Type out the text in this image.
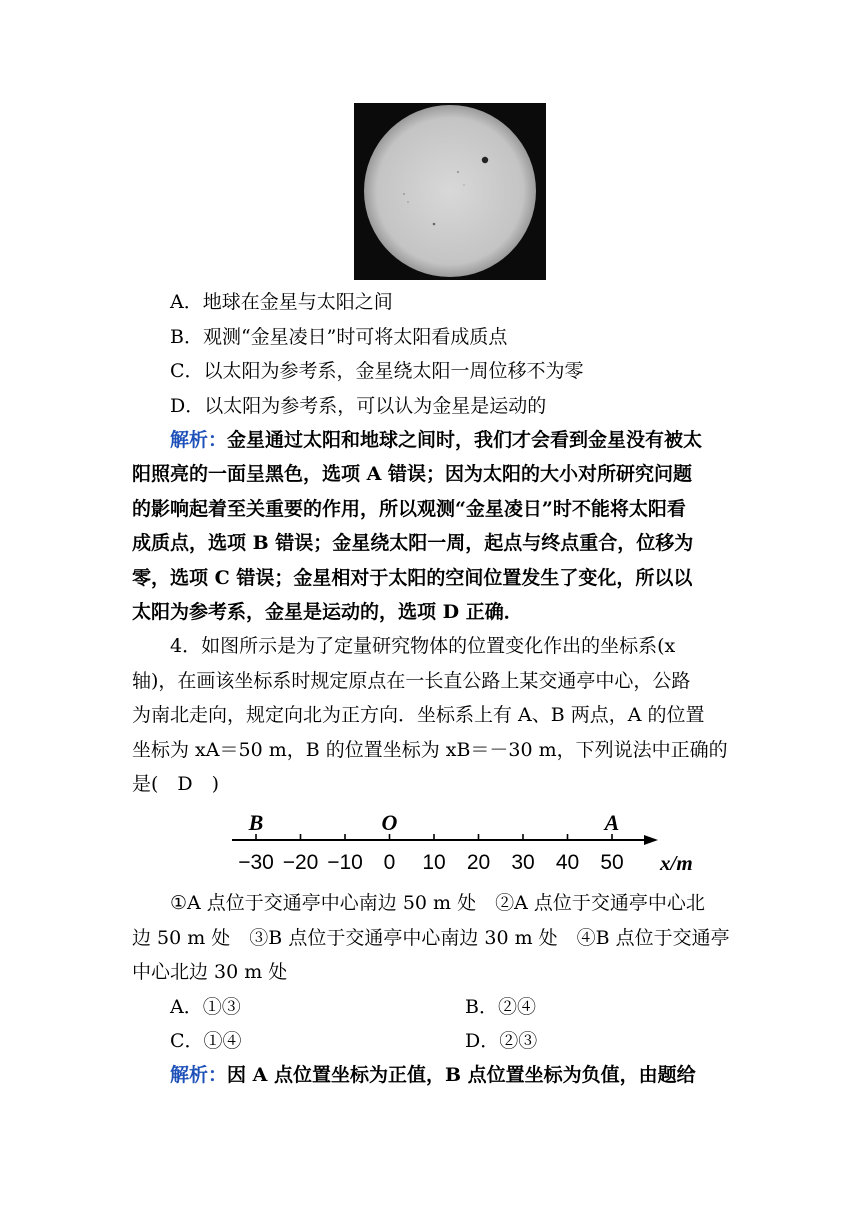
A．地球在金星与太阳之间
B．观测“金星凌日”时可将太阳看成质点
C．以太阳为参考系，金星绕太阳一周位移不为零
D．以太阳为参考系，可以认为金星是运动的
解析：金星通过太阳和地球之间时，我们才会看到金星没有被太
阳照亮的一面呈黑色，选项 A 错误；因为太阳的大小对所研究问题
的影响起着至关重要的作用，所以观测“金星凌日”时不能将太阳看
成质点，选项 B 错误；金星绕太阳一周，起点与终点重合，位移为
零，选项 C 错误；金星相对于太阳的空间位置发生了变化，所以以
太阳为参考系，金星是运动的，选项 D 正确．
4．如图所示是为了定量研究物体的位置变化作出的坐标系(x
轴)，在画该坐标系时规定原点在一长直公路上某交通亭中心，公路
为南北走向，规定向北为正方向．坐标系上有 A、B 两点，A 的位置
坐标为 xA＝50 m，B 的位置坐标为 xB＝－30 m，下列说法中正确的
是(　D　)
−30 −20 −10 0 10 20 30 40 50
B	O	A
x/m
①A 点位于交通亭中心南边 50 m 处　②A 点位于交通亭中心北
边 50 m 处　③B 点位于交通亭中心南边 30 m 处　④B 点位于交通亭
中心北边 30 m 处
A．①③	B．②④
C．①④	D．②③
解析：因 A 点位置坐标为正值，B 点位置坐标为负值，由题给
